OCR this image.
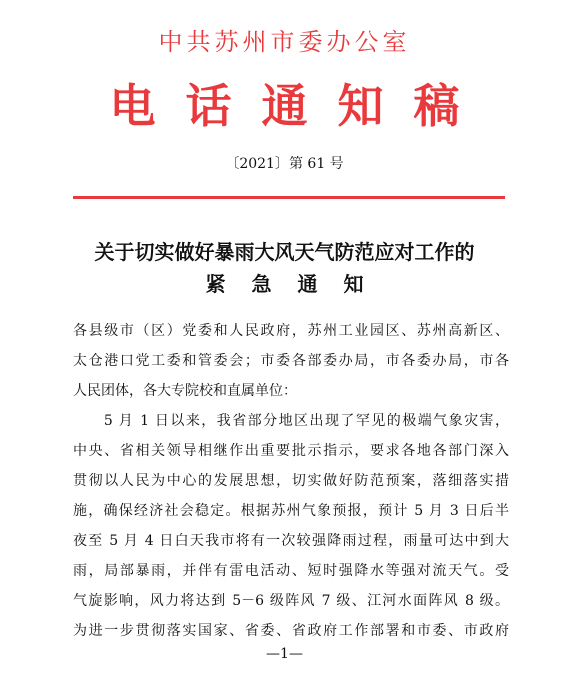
中共苏州市委办公室
电话通知稿
〔2021〕第 61 号
关于切实做好暴雨大风天气防范应对工作的
紧急通知
各县级市（区）党委和人民政府，苏州工业园区、苏州高新区、
太仓港口党工委和管委会；市委各部委办局，市各委办局，市各
人民团体，各大专院校和直属单位：
　　5 月 1 日以来，我省部分地区出现了罕见的极端气象灾害，
中央、省相关领导相继作出重要批示指示，要求各地各部门深入
贯彻以人民为中心的发展思想，切实做好防范预案，落细落实措
施，确保经济社会稳定。根据苏州气象预报，预计 5 月 3 日后半
夜至 5 月 4 日白天我市将有一次较强降雨过程，雨量可达中到大
雨，局部暴雨，并伴有雷电活动、短时强降水等强对流天气。受
气旋影响，风力将达到 5－6 级阵风 7 级、江河水面阵风 8 级。
为进一步贯彻落实国家、省委、省政府工作部署和市委、市政府
—1—
